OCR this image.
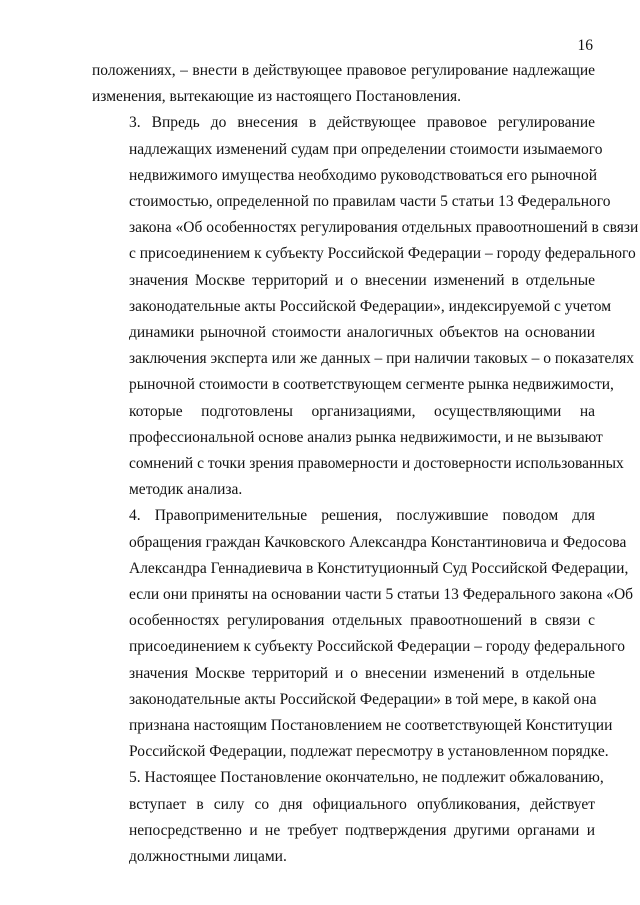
16

положениях, – внести в действующее правовое регулирование надлежащие
изменения, вытекающие из настоящего Постановления.

3. Впредь до внесения в действующее правовое регулирование
надлежащих изменений судам при определении стоимости изымаемого
недвижимого имущества необходимо руководствоваться его рыночной
стоимостью, определенной по правилам части 5 статьи 13 Федерального
закона «Об особенностях регулирования отдельных правоотношений в связи
с присоединением к субъекту Российской Федерации – городу федерального
значения Москве территорий и о внесении изменений в отдельные
законодательные акты Российской Федерации», индексируемой с учетом
динамики рыночной стоимости аналогичных объектов на основании
заключения эксперта или же данных – при наличии таковых – о показателях
рыночной стоимости в соответствующем сегменте рынка недвижимости,
которые подготовлены организациями, осуществляющими на
профессиональной основе анализ рынка недвижимости, и не вызывают
сомнений с точки зрения правомерности и достоверности использованных
методик анализа.

4. Правоприменительные решения, послужившие поводом для
обращения граждан Качковского Александра Константиновича и Федосова
Александра Геннадиевича в Конституционный Суд Российской Федерации,
если они приняты на основании части 5 статьи 13 Федерального закона «Об
особенностях регулирования отдельных правоотношений в связи с
присоединением к субъекту Российской Федерации – городу федерального
значения Москве территорий и о внесении изменений в отдельные
законодательные акты Российской Федерации» в той мере, в какой она
признана настоящим Постановлением не соответствующей Конституции
Российской Федерации, подлежат пересмотру в установленном порядке.

5. Настоящее Постановление окончательно, не подлежит обжалованию,
вступает в силу со дня официального опубликования, действует
непосредственно и не требует подтверждения другими органами и
должностными лицами.
